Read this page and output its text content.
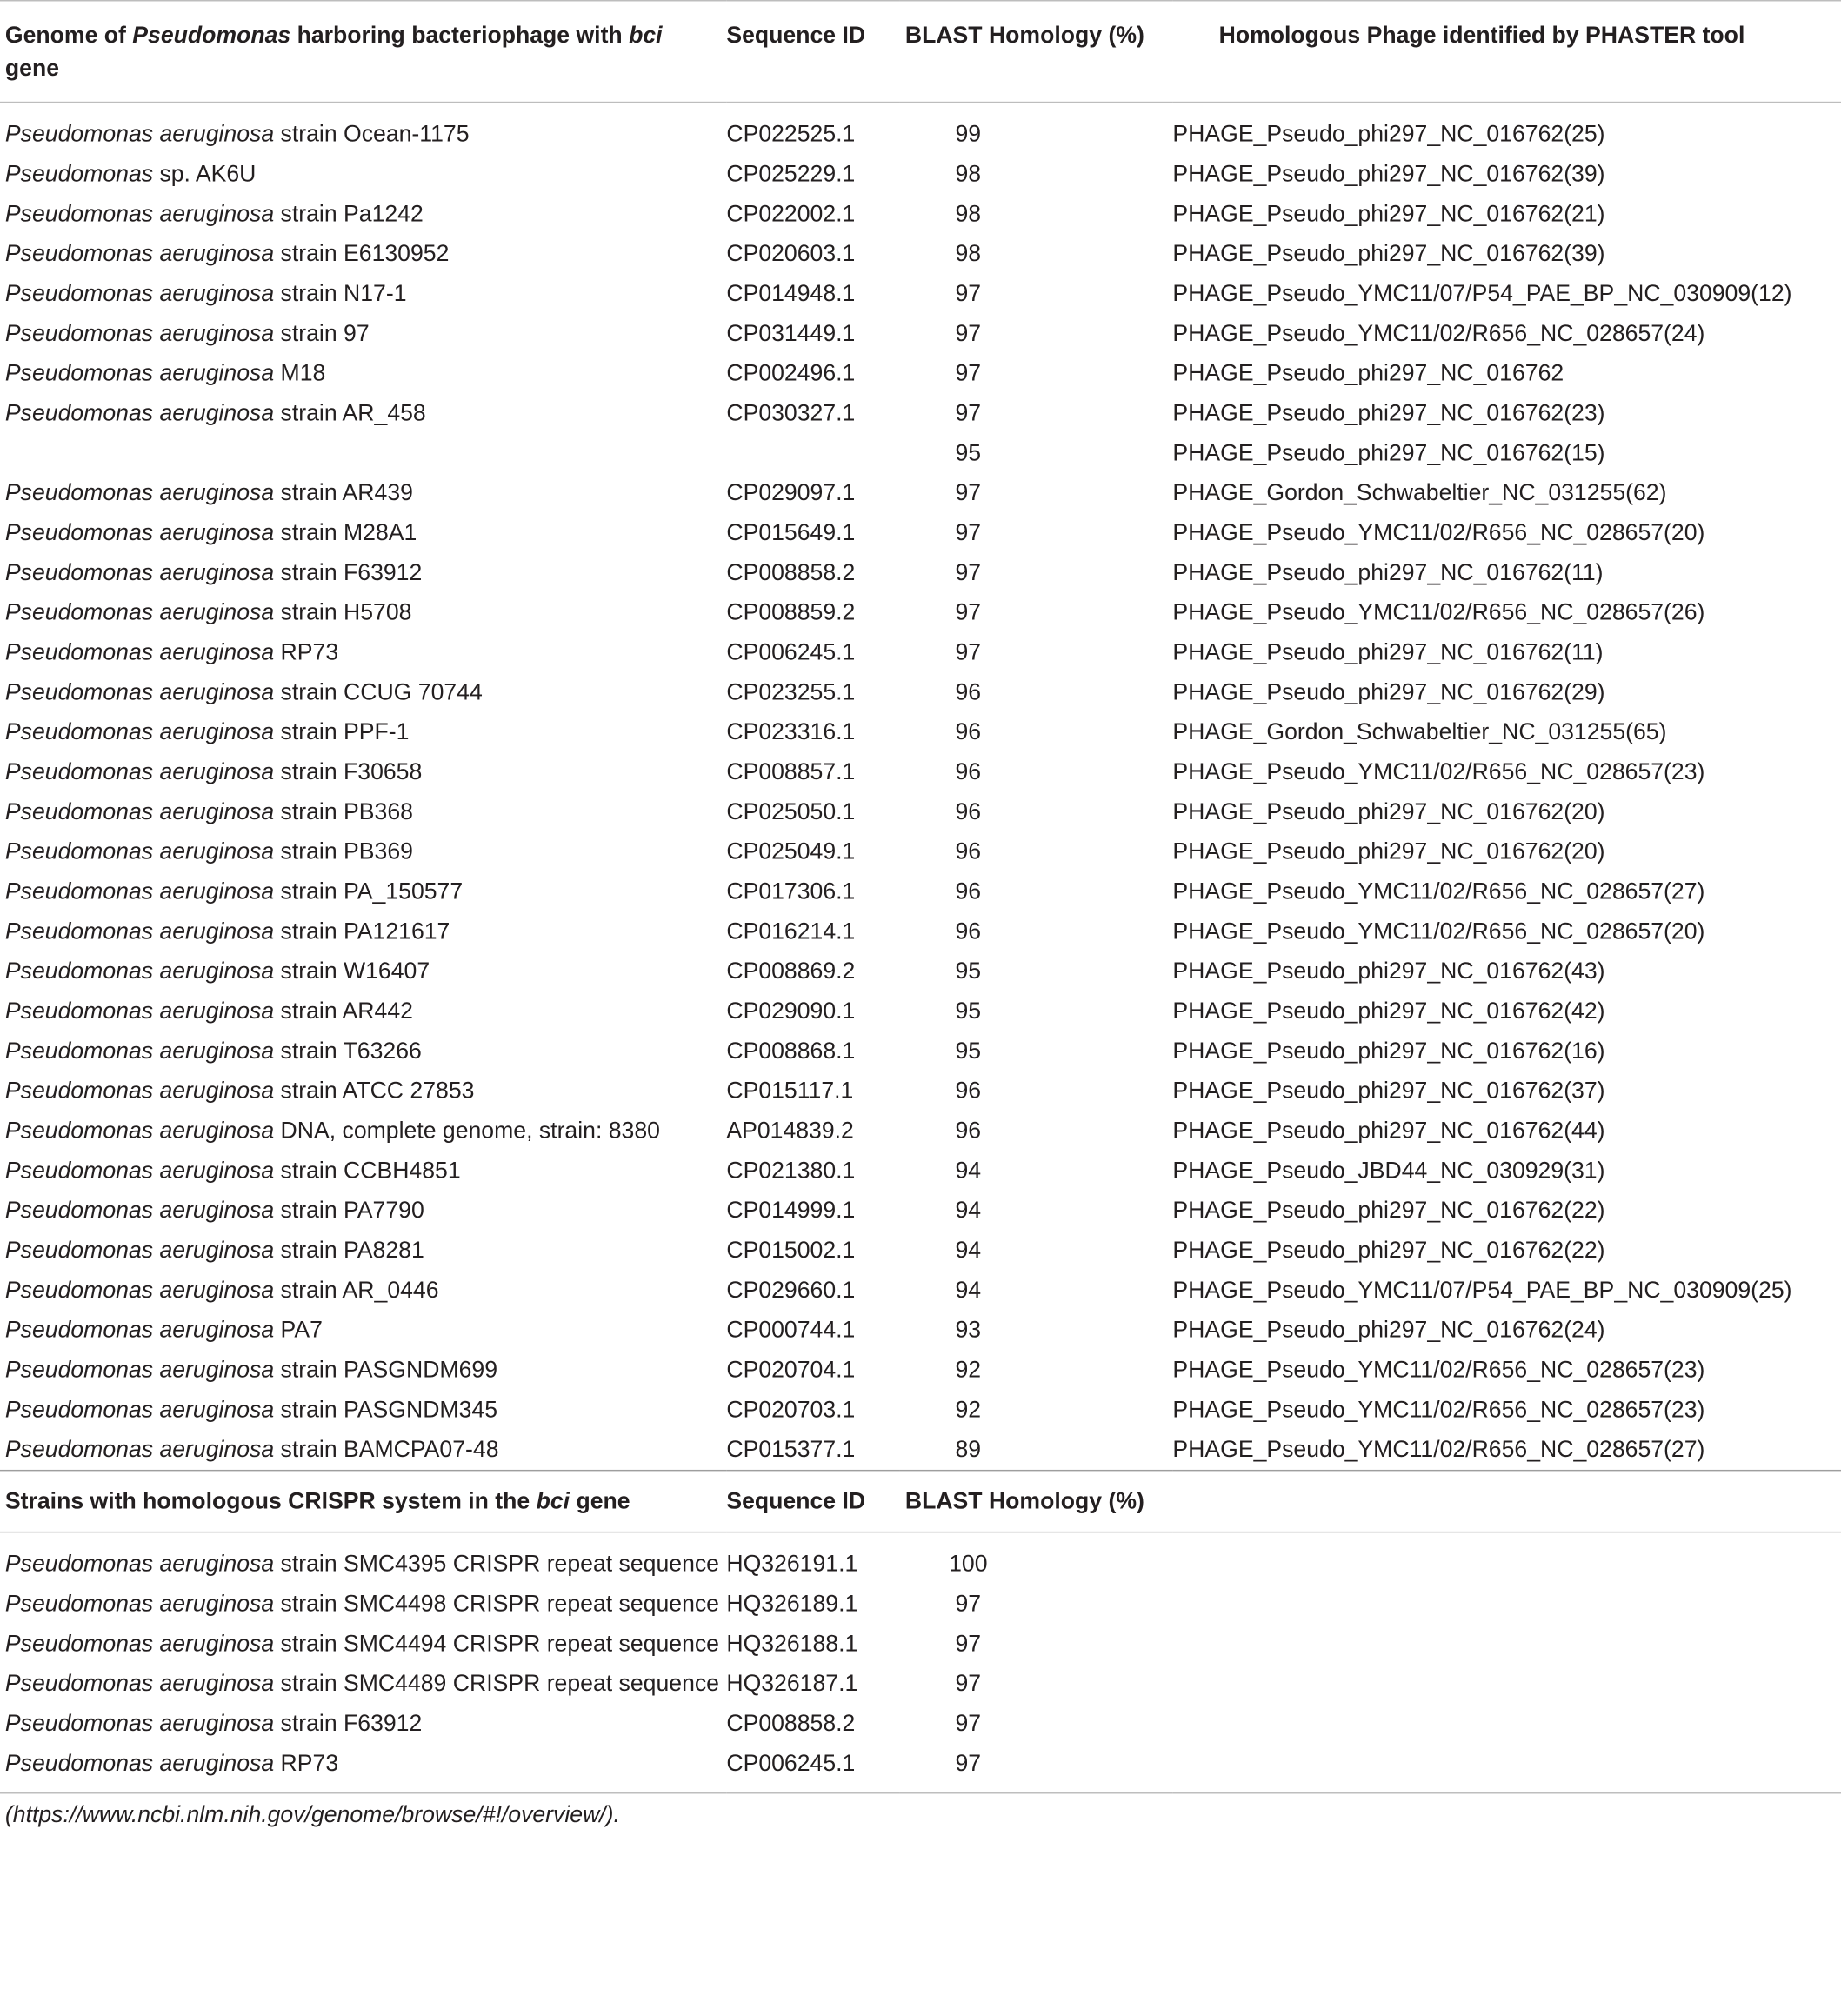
Genome of Pseudomonas harboring bacteriophage with bci gene	Sequence ID	BLAST Homology (%)	Homologous Phage identified by PHASTER tool
Pseudomonas aeruginosa strain Ocean-1175	CP022525.1	99	PHAGE_Pseudo_phi297_NC_016762(25)
Pseudomonas sp. AK6U	CP025229.1	98	PHAGE_Pseudo_phi297_NC_016762(39)
Pseudomonas aeruginosa strain Pa1242	CP022002.1	98	PHAGE_Pseudo_phi297_NC_016762(21)
Pseudomonas aeruginosa strain E6130952	CP020603.1	98	PHAGE_Pseudo_phi297_NC_016762(39)
Pseudomonas aeruginosa strain N17-1	CP014948.1	97	PHAGE_Pseudo_YMC11/07/P54_PAE_BP_NC_030909(12)
Pseudomonas aeruginosa strain 97	CP031449.1	97	PHAGE_Pseudo_YMC11/02/R656_NC_028657(24)
Pseudomonas aeruginosa M18	CP002496.1	97	PHAGE_Pseudo_phi297_NC_016762
Pseudomonas aeruginosa strain AR_458	CP030327.1	97	PHAGE_Pseudo_phi297_NC_016762(23)
		95	PHAGE_Pseudo_phi297_NC_016762(15)
Pseudomonas aeruginosa strain AR439	CP029097.1	97	PHAGE_Gordon_Schwabeltier_NC_031255(62)
Pseudomonas aeruginosa strain M28A1	CP015649.1	97	PHAGE_Pseudo_YMC11/02/R656_NC_028657(20)
Pseudomonas aeruginosa strain F63912	CP008858.2	97	PHAGE_Pseudo_phi297_NC_016762(11)
Pseudomonas aeruginosa strain H5708	CP008859.2	97	PHAGE_Pseudo_YMC11/02/R656_NC_028657(26)
Pseudomonas aeruginosa RP73	CP006245.1	97	PHAGE_Pseudo_phi297_NC_016762(11)
Pseudomonas aeruginosa strain CCUG 70744	CP023255.1	96	PHAGE_Pseudo_phi297_NC_016762(29)
Pseudomonas aeruginosa strain PPF-1	CP023316.1	96	PHAGE_Gordon_Schwabeltier_NC_031255(65)
Pseudomonas aeruginosa strain F30658	CP008857.1	96	PHAGE_Pseudo_YMC11/02/R656_NC_028657(23)
Pseudomonas aeruginosa strain PB368	CP025050.1	96	PHAGE_Pseudo_phi297_NC_016762(20)
Pseudomonas aeruginosa strain PB369	CP025049.1	96	PHAGE_Pseudo_phi297_NC_016762(20)
Pseudomonas aeruginosa strain PA_150577	CP017306.1	96	PHAGE_Pseudo_YMC11/02/R656_NC_028657(27)
Pseudomonas aeruginosa strain PA121617	CP016214.1	96	PHAGE_Pseudo_YMC11/02/R656_NC_028657(20)
Pseudomonas aeruginosa strain W16407	CP008869.2	95	PHAGE_Pseudo_phi297_NC_016762(43)
Pseudomonas aeruginosa strain AR442	CP029090.1	95	PHAGE_Pseudo_phi297_NC_016762(42)
Pseudomonas aeruginosa strain T63266	CP008868.1	95	PHAGE_Pseudo_phi297_NC_016762(16)
Pseudomonas aeruginosa strain ATCC 27853	CP015117.1	96	PHAGE_Pseudo_phi297_NC_016762(37)
Pseudomonas aeruginosa DNA, complete genome, strain: 8380	AP014839.2	96	PHAGE_Pseudo_phi297_NC_016762(44)
Pseudomonas aeruginosa strain CCBH4851	CP021380.1	94	PHAGE_Pseudo_JBD44_NC_030929(31)
Pseudomonas aeruginosa strain PA7790	CP014999.1	94	PHAGE_Pseudo_phi297_NC_016762(22)
Pseudomonas aeruginosa strain PA8281	CP015002.1	94	PHAGE_Pseudo_phi297_NC_016762(22)
Pseudomonas aeruginosa strain AR_0446	CP029660.1	94	PHAGE_Pseudo_YMC11/07/P54_PAE_BP_NC_030909(25)
Pseudomonas aeruginosa PA7	CP000744.1	93	PHAGE_Pseudo_phi297_NC_016762(24)
Pseudomonas aeruginosa strain PASGNDM699	CP020704.1	92	PHAGE_Pseudo_YMC11/02/R656_NC_028657(23)
Pseudomonas aeruginosa strain PASGNDM345	CP020703.1	92	PHAGE_Pseudo_YMC11/02/R656_NC_028657(23)
Pseudomonas aeruginosa strain BAMCPA07-48	CP015377.1	89	PHAGE_Pseudo_YMC11/02/R656_NC_028657(27)
Strains with homologous CRISPR system in the bci gene	Sequence ID	BLAST Homology (%)	
Pseudomonas aeruginosa strain SMC4395 CRISPR repeat sequence	HQ326191.1	100	
Pseudomonas aeruginosa strain SMC4498 CRISPR repeat sequence	HQ326189.1	97	
Pseudomonas aeruginosa strain SMC4494 CRISPR repeat sequence	HQ326188.1	97	
Pseudomonas aeruginosa strain SMC4489 CRISPR repeat sequence	HQ326187.1	97	
Pseudomonas aeruginosa strain F63912	CP008858.2	97	
Pseudomonas aeruginosa RP73	CP006245.1	97	
(https://www.ncbi.nlm.nih.gov/genome/browse/#!/overview/).
